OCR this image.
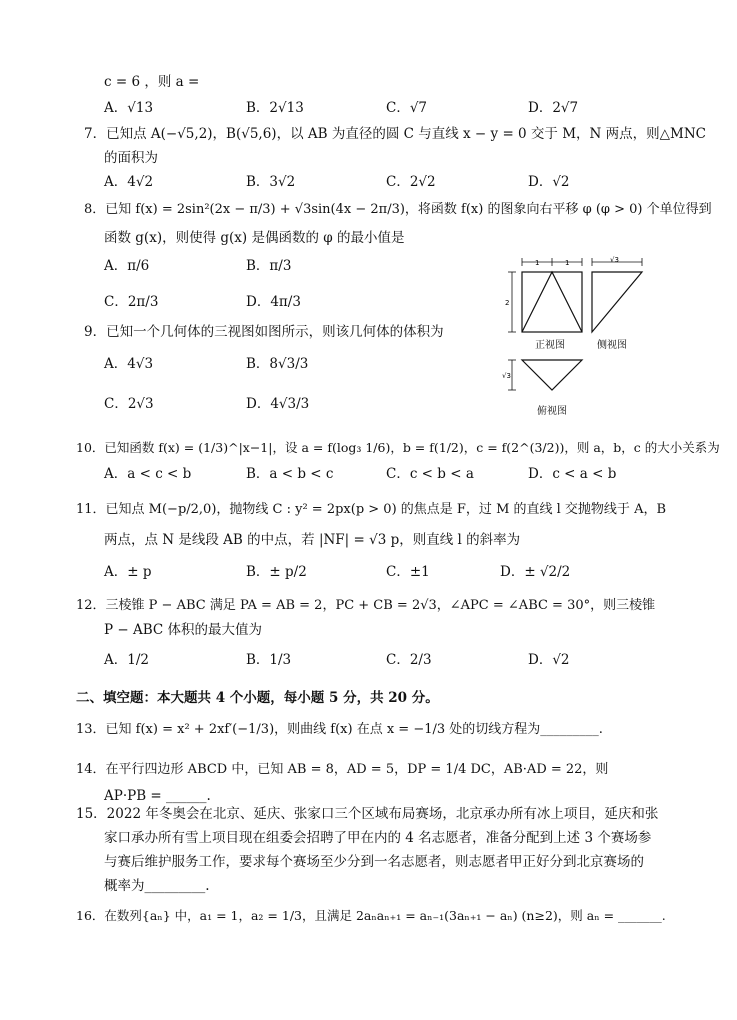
c = 6 ，则 a =
A．√13	B．2√13	C．√7	D．2√7
7．已知点 A(−√5,2)，B(√5,6)，以 AB 为直径的圆 C 与直线 x − y = 0 交于 M，N 两点，则△MNC
的面积为
A．4√2	B．3√2	C．2√2	D．√2
8．已知 f(x) = 2sin²(2x − π/3) + √3sin(4x − 2π/3)，将函数 f(x) 的图象向右平移 φ (φ > 0) 个单位得到
函数 g(x)，则使得 g(x) 是偶函数的 φ 的最小值是
A．π/6	B．π/3
C．2π/3	D．4π/3
9．已知一个几何体的三视图如图所示，则该几何体的体积为
A．4√3	B．8√3/3
C．2√3	D．4√3/3
1	1
2
√3
√3
正视图	侧视图
俯视图
10．已知函数 f(x) = (1/3)^|x−1|，设 a = f(log₃ 1/6)，b = f(1/2)，c = f(2^(3/2))，则 a，b，c 的大小关系为
A．a < c < b	B．a < b < c	C．c < b < a	D．c < a < b
11．已知点 M(−p/2,0)，抛物线 C : y² = 2px(p > 0) 的焦点是 F，过 M 的直线 l 交抛物线于 A，B
两点，点 N 是线段 AB 的中点，若 |NF| = √3 p，则直线 l 的斜率为
A．± p	B．± p/2	C．±1	D．± √2/2
12．三棱锥 P − ABC 满足 PA = AB = 2，PC + CB = 2√3，∠APC = ∠ABC = 30°，则三棱锥
P − ABC 体积的最大值为
A．1/2	B．1/3	C．2/3	D．√2
二、填空题：本大题共 4 个小题，每小题 5 分，共 20 分。
13．已知 f(x) = x² + 2xf′(−1/3)，则曲线 f(x) 在点 x = −1/3 处的切线方程为_________.
14．在平行四边形 ABCD 中，已知 AB = 8，AD = 5，DP = 1/4 DC，AB·AD = 22，则
AP·PB = ______.
15．2022 年冬奥会在北京、延庆、张家口三个区域布局赛场，北京承办所有冰上项目，延庆和张
家口承办所有雪上项目现在组委会招聘了甲在内的 4 名志愿者，准备分配到上述 3 个赛场参
与赛后维护服务工作，要求每个赛场至少分到一名志愿者，则志愿者甲正好分到北京赛场的
概率为_________.
16．在数列{aₙ} 中，a₁ = 1，a₂ = 1/3，且满足 2aₙaₙ₊₁ = aₙ₋₁(3aₙ₊₁ − aₙ) (n≥2)，则 aₙ = _______.
